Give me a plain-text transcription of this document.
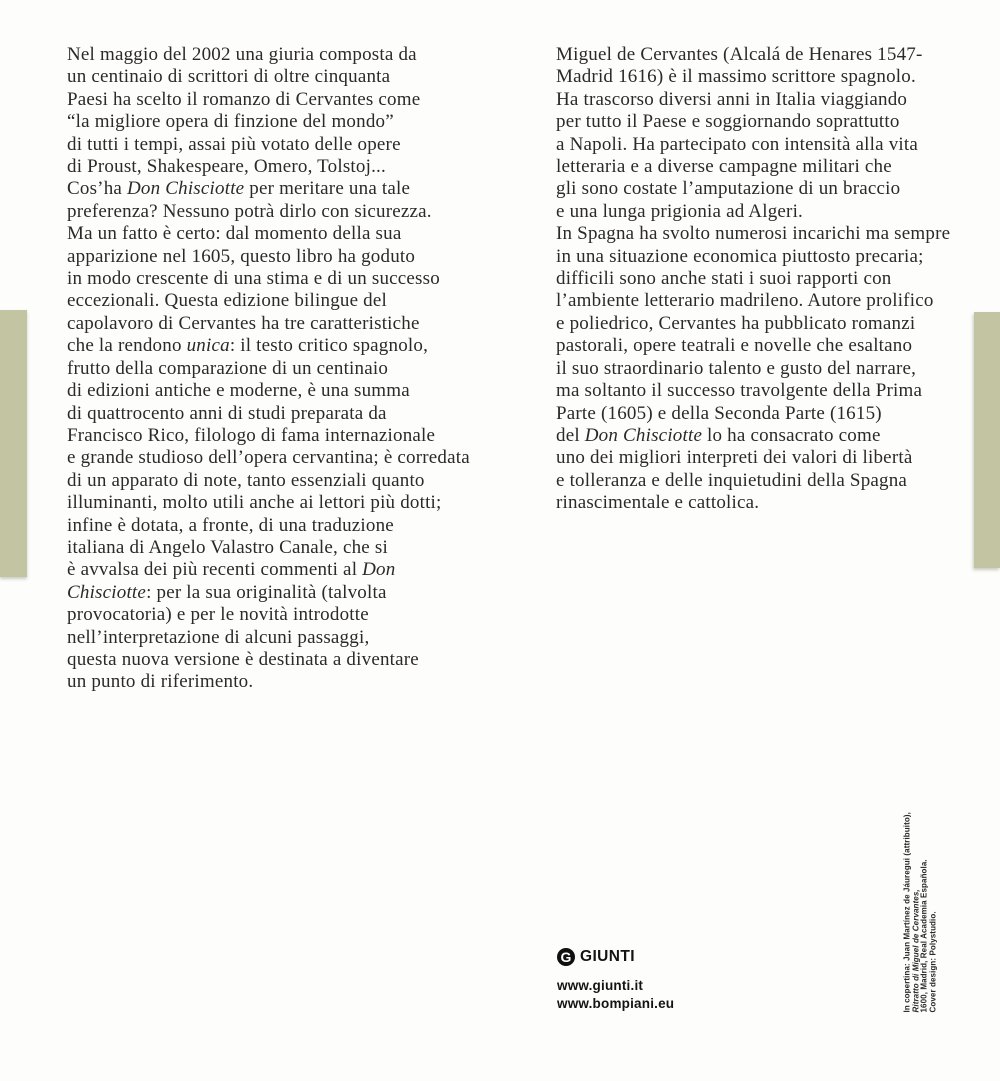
Nel maggio del 2002 una giuria composta da
un centinaio di scrittori di oltre cinquanta
Paesi ha scelto il romanzo di Cervantes come
“la migliore opera di finzione del mondo”
di tutti i tempi, assai più votato delle opere
di Proust, Shakespeare, Omero, Tolstoj...
Cos’ha Don Chisciotte per meritare una tale
preferenza? Nessuno potrà dirlo con sicurezza.
Ma un fatto è certo: dal momento della sua
apparizione nel 1605, questo libro ha goduto
in modo crescente di una stima e di un successo
eccezionali. Questa edizione bilingue del
capolavoro di Cervantes ha tre caratteristiche
che la rendono unica: il testo critico spagnolo,
frutto della comparazione di un centinaio
di edizioni antiche e moderne, è una summa
di quattrocento anni di studi preparata da
Francisco Rico, filologo di fama internazionale
e grande studioso dell’opera cervantina; è corredata
di un apparato di note, tanto essenziali quanto
illuminanti, molto utili anche ai lettori più dotti;
infine è dotata, a fronte, di una traduzione
italiana di Angelo Valastro Canale, che si
è avvalsa dei più recenti commenti al Don
Chisciotte: per la sua originalità (talvolta
provocatoria) e per le novità introdotte
nell’interpretazione di alcuni passaggi,
questa nuova versione è destinata a diventare
un punto di riferimento.
Miguel de Cervantes (Alcalá de Henares 1547-
Madrid 1616) è il massimo scrittore spagnolo.
Ha trascorso diversi anni in Italia viaggiando
per tutto il Paese e soggiornando soprattutto
a Napoli. Ha partecipato con intensità alla vita
letteraria e a diverse campagne militari che
gli sono costate l’amputazione di un braccio
e una lunga prigionia ad Algeri.
In Spagna ha svolto numerosi incarichi ma sempre
in una situazione economica piuttosto precaria;
difficili sono anche stati i suoi rapporti con
l’ambiente letterario madrileno. Autore prolifico
e poliedrico, Cervantes ha pubblicato romanzi
pastorali, opere teatrali e novelle che esaltano
il suo straordinario talento e gusto del narrare,
ma soltanto il successo travolgente della Prima
Parte (1605) e della Seconda Parte (1615)
del Don Chisciotte lo ha consacrato come
uno dei migliori interpreti dei valori di libertà
e tolleranza e delle inquietudini della Spagna
rinascimentale e cattolica.
G GIUNTI
www.giunti.it
www.bompiani.eu	In copertina: Juan Martínez de Jáuregui (attribuito), Ritratto di Miguel de Cervantes, 1600, Madrid, Real Academia Española. Cover design: Polystudio.
